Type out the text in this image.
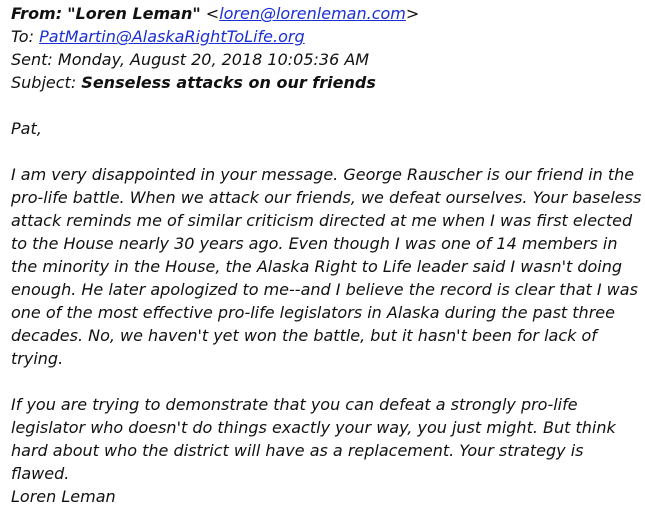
From: "Loren Leman" <loren@lorenleman.com>
To: PatMartin@AlaskaRightToLife.org
Sent: Monday, August 20, 2018 10:05:36 AM
Subject: Senseless attacks on our friends
Pat,

I am very disappointed in your message. George Rauscher is our friend in the

pro-life battle. When we attack our friends, we defeat ourselves. Your baseless

attack reminds me of similar criticism directed at me when I was first elected

to the House nearly 30 years ago. Even though I was one of 14 members in

the minority in the House, the Alaska Right to Life leader said I wasn't doing

enough. He later apologized to me--and I believe the record is clear that I was

one of the most effective pro-life legislators in Alaska during the past three

decades. No, we haven't yet won the battle, but it hasn't been for lack of

trying.

If you are trying to demonstrate that you can defeat a strongly pro-life

legislator who doesn't do things exactly your way, you just might. But think

hard about who the district will have as a replacement. Your strategy is

flawed.

Loren Leman
